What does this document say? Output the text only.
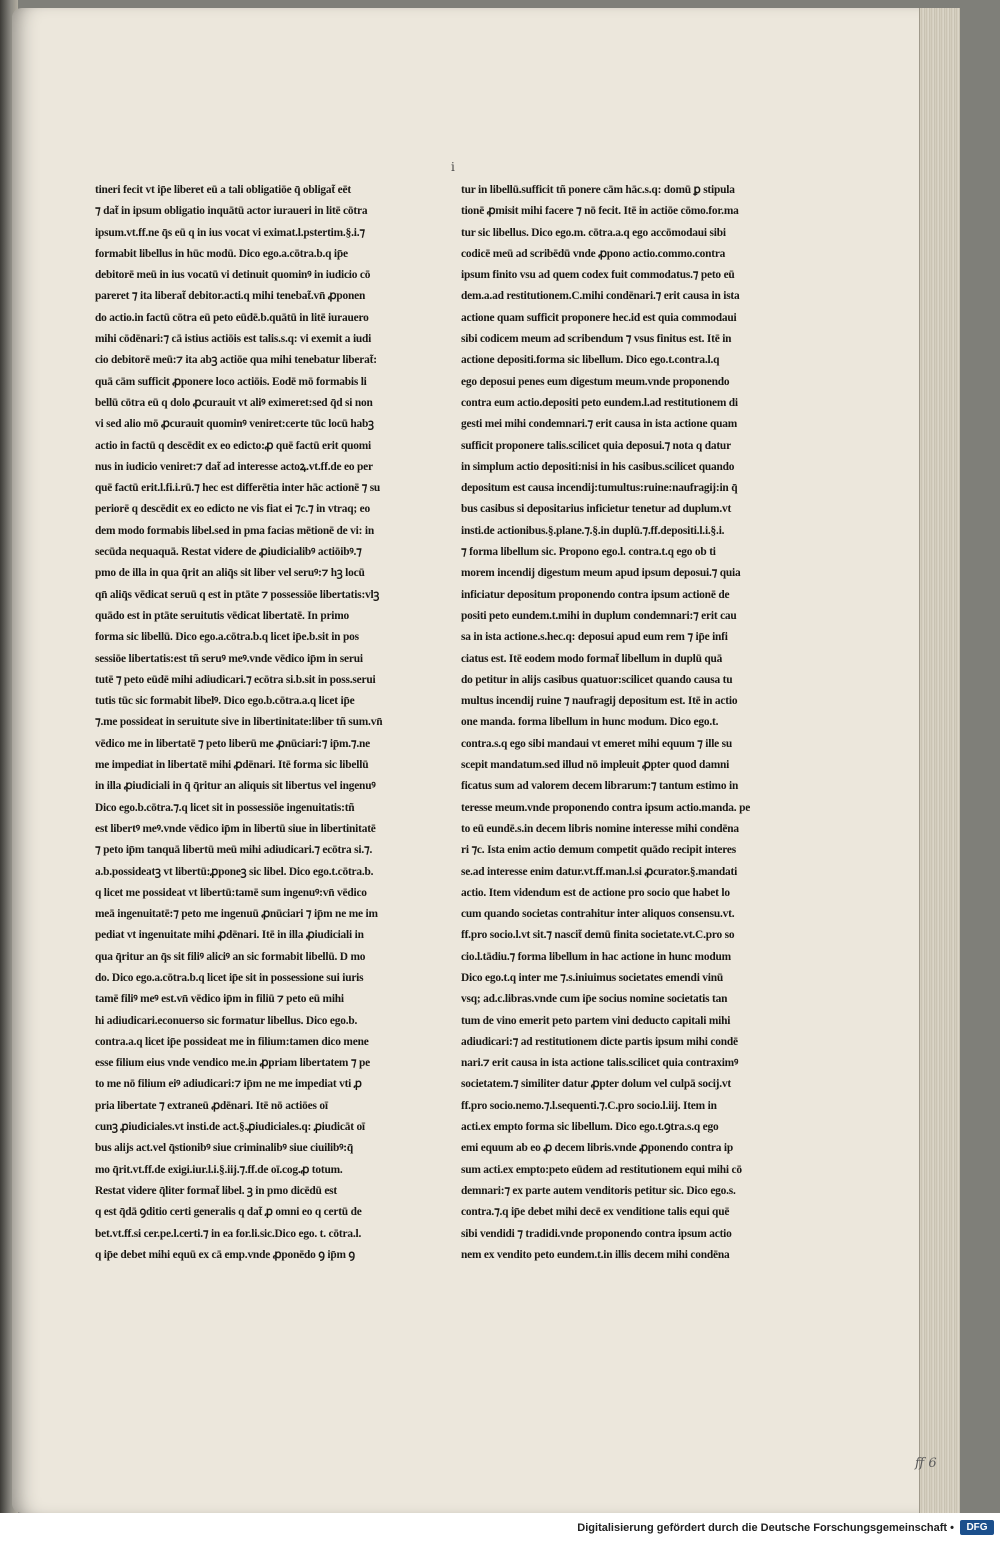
i
tineri fecit vt ip̄e liberet eū a tali obligatiōe q̄ obligat̃ eēt
⁊ dat̃ in ipsum obligatio inquātū actor iuraueri in litē cōtra
ipsum.vt.ff.ne q̄s eū q in ius vocat vi eximat.l.pstertim.§.i.⁊
formabit libellus in hūc modū. Dico ego.a.cōtra.b.q ip̄e
debitorē meū in ius vocatū vi detinuit quominꝰ in iudicio cō
pareret ⁊ ita liberat̃ debitor.acti.q mihi tenebat̃.vn̄ ꝓponen
do actio.in factū cōtra eū peto eūdē.b.quātū in litē iurauero
mihi cōdēnari:⁊ cā istius actiōis est talis.s.q: vi exemit a iudi
cio debitorē meū:⁊ ita abꝫ actiōe qua mihi tenebatur liberat̃:
quā cām sufficit ꝓponere loco actiōis. Eodē mō formabis li
bellū cōtra eū q dolo ꝓcurauit vt aliꝰ eximeret:sed q̄d si non
vi sed alio mō ꝓcurauit quominꝰ veniret:certe tūc locū habꝫ
actio in factū q descēdit ex eo edicto:ꝓ quē factū erit quomi
nus in iudicio veniret:⁊ dat̃ ad interesse actoꝝ.vt.ff.de eo per
quē factū erit.l.fi.i.rū.⁊ hec est differētia inter hāc actionē ⁊ su
periorē q descēdit ex eo edicto ne vis fiat ei ⁊c.⁊ in vtraq; eo
dem modo formabis libel.sed in pma facias mētionē de vi: in
secūda nequaquā. Restat videre de ꝓiudicialibꝰ actiōibꝰ.⁊
pmo de illa in qua q̄rit an aliq̄s sit liber vel seruꝰ:⁊ hꝫ locū
qn̄ aliq̄s vēdicat seruū q est in ptāte ⁊ possessiōe libertatis:vlꝫ
quādo est in ptāte seruitutis vēdicat libertatē. In primo
forma sic libellū. Dico ego.a.cōtra.b.q licet ip̄e.b.sit in pos
sessiōe libertatis:est tñ seruꝰ meꝰ.vnde vēdico ip̄m in serui
tutē ⁊ peto eūdē mihi adiudicari.⁊ ecōtra si.b.sit in poss.serui
tutis tūc sic formabit libelꝰ. Dico ego.b.cōtra.a.q licet ip̄e
⁊.me possideat in seruitute sive in libertinitate:liber tñ sum.vn̄
vēdico me in libertatē ⁊ peto liberū me ꝓnūciari:⁊ ip̄m.⁊.ne
me impediat in libertatē mihi ꝓdēnari. Itē forma sic libellū
in illa ꝓiudiciali in q̄ q̄ritur an aliquis sit libertus vel ingenuꝰ
Dico ego.b.cōtra.⁊.q licet sit in possessiōe ingenuitatis:tñ
est libertꝰ meꝰ.vnde vēdico ip̄m in libertū siue in libertinitatē
⁊ peto ip̄m tanquā libertū meū mihi adiudicari.⁊ ecōtra si.⁊.
a.b.possideatꝫ vt libertū:ꝓponeꝫ sic libel. Dico ego.t.cōtra.b.
q licet me possideat vt libertū:tamē sum ingenuꝰ:vn̄ vēdico
meā ingenuitatē:⁊ peto me ingenuū ꝓnūciari ⁊ ip̄m ne me im
pediat vt ingenuitate mihi ꝓdēnari. Itē in illa ꝓiudiciali in
qua q̄ritur an q̄s sit filiꝰ aliciꝰ an sic formabit libellū. D mo
do. Dico ego.a.cōtra.b.q licet ip̄e sit in possessione sui iuris
tamē filiꝰ meꝰ est.vn̄ vēdico ip̄m in filiū ⁊ peto eū mihi
hi adiudicari.econuerso sic formatur libellus. Dico ego.b.
contra.a.q licet ip̄e possideat me in filium:tamen dico mene
esse filium eius vnde vendico me.in ꝓpriam libertatem ⁊ pe
to me nō filium eiꝰ adiudicari:⁊ ip̄m ne me impediat vti ꝓ
pria libertate ⁊ extraneū ꝓdēnari. Itē nō actiōes oī
cunꝫ ꝓiudiciales.vt insti.de act.§.ꝓiudiciales.q: ꝓiudicāt oī
bus alijs act.vel q̄stionibꝰ siue criminalibꝰ siue ciuilibꝰ:q̄
mo q̄rit.vt.ff.de exigi.iur.l.i.§.iij.⁊.ff.de oī.cog.ꝓ totum.
Restat videre q̄liter format̃ libel. ꝫ in pmo dicēdū est
q est q̄dā ꝯditio certi generalis q dat̃ ꝓ omni eo q certū de
bet.vt.ff.si cer.pe.l.certi.⁊ in ea for.li.sic.Dico ego. t. cōtra.l.
q ip̄e debet mihi equū ex cā emp.vnde ꝓponēdo ꝯ ip̄m ꝯ
tur in libellū.sufficit tñ ponere cām hāc.s.q: domū ꝑ stipula
tionē ꝓmisit mihi facere ⁊ nō fecit. Itē in actiōe cōmo.for.ma
tur sic libellus. Dico ego.m. cōtra.a.q ego accōmodaui sibi
codicē meū ad scribēdū vnde ꝓpono actio.commo.contra
ipsum finito vsu ad quem codex fuit commodatus.⁊ peto eū
dem.a.ad restitutionem.C.mihi condēnari.⁊ erit causa in ista
actione quam sufficit proponere hec.id est quia commodaui
sibi codicem meum ad scribendum ⁊ vsus finitus est. Itē in
actione depositi.forma sic libellum. Dico ego.t.contra.l.q
ego deposui penes eum digestum meum.vnde proponendo
contra eum actio.depositi peto eundem.l.ad restitutionem di
gesti mei mihi condemnari.⁊ erit causa in ista actione quam
sufficit proponere talis.scilicet quia deposui.⁊ nota q datur
in simplum actio depositi:nisi in his casibus.scilicet quando
depositum est causa incendij:tumultus:ruine:naufragij:in q̄
bus casibus si depositarius inficietur tenetur ad duplum.vt
insti.de actionibus.§.plane.⁊.§.in duplū.⁊.ff.depositi.l.i.§.i.
⁊ forma libellum sic. Propono ego.l. contra.t.q ego ob ti
morem incendij digestum meum apud ipsum deposui.⁊ quia
inficiatur depositum proponendo contra ipsum actionē de
positi peto eundem.t.mihi in duplum condemnari:⁊ erit cau
sa in ista actione.s.hec.q: deposui apud eum rem ⁊ ip̄e infi
ciatus est. Itē eodem modo format̃ libellum in duplū quā
do petitur in alijs casibus quatuor:scilicet quando causa tu
multus incendij ruine ⁊ naufragij depositum est. Itē in actio
one manda. forma libellum in hunc modum. Dico ego.t.
contra.s.q ego sibi mandaui vt emeret mihi equum ⁊ ille su
scepit mandatum.sed illud nō impleuit ꝓpter quod damni
ficatus sum ad valorem decem librarum:⁊ tantum estimo in
teresse meum.vnde proponendo contra ipsum actio.manda. pe
to eū eundē.s.in decem libris nomine interesse mihi condēna
ri ⁊c. Ista enim actio demum competit quādo recipit interes
se.ad interesse enim datur.vt.ff.man.l.si ꝓcurator.§.mandati
actio. Item videndum est de actione pro socio que habet lo
cum quando societas contrahitur inter aliquos consensu.vt.
ff.pro socio.l.vt sit.⁊ nascit̃ demū finita societate.vt.C.pro so
cio.l.tādiu.⁊ forma libellum in hac actione in hunc modum
Dico ego.t.q inter me ⁊.s.iniuimus societates emendi vinū
vsq; ad.c.libras.vnde cum ip̄e socius nomine societatis tan
tum de vino emerit peto partem vini deducto capitali mihi
adiudicari:⁊ ad restitutionem dicte partis ipsum mihi condē
nari.⁊ erit causa in ista actione talis.scilicet quia contraximꝰ
societatem.⁊ similiter datur ꝓpter dolum vel culpā socij.vt
ff.pro socio.nemo.⁊.l.sequenti.⁊.C.pro socio.l.iij. Item in
acti.ex empto forma sic libellum. Dico ego.t.ꝯtra.s.q ego
emi equum ab eo ꝓ decem libris.vnde ꝓponendo contra ip
sum acti.ex empto:peto eūdem ad restitutionem equi mihi cō
demnari:⁊ ex parte autem venditoris petitur sic. Dico ego.s.
contra.⁊.q ip̄e debet mihi decē ex venditione talis equi quē
sibi vendidi ⁊ tradidi.vnde proponendo contra ipsum actio
nem ex vendito peto eundem.t.in illis decem mihi condēna
ff 6
Digitalisierung gefördert durch die Deutsche Forschungsgemeinschaft •	DFG
